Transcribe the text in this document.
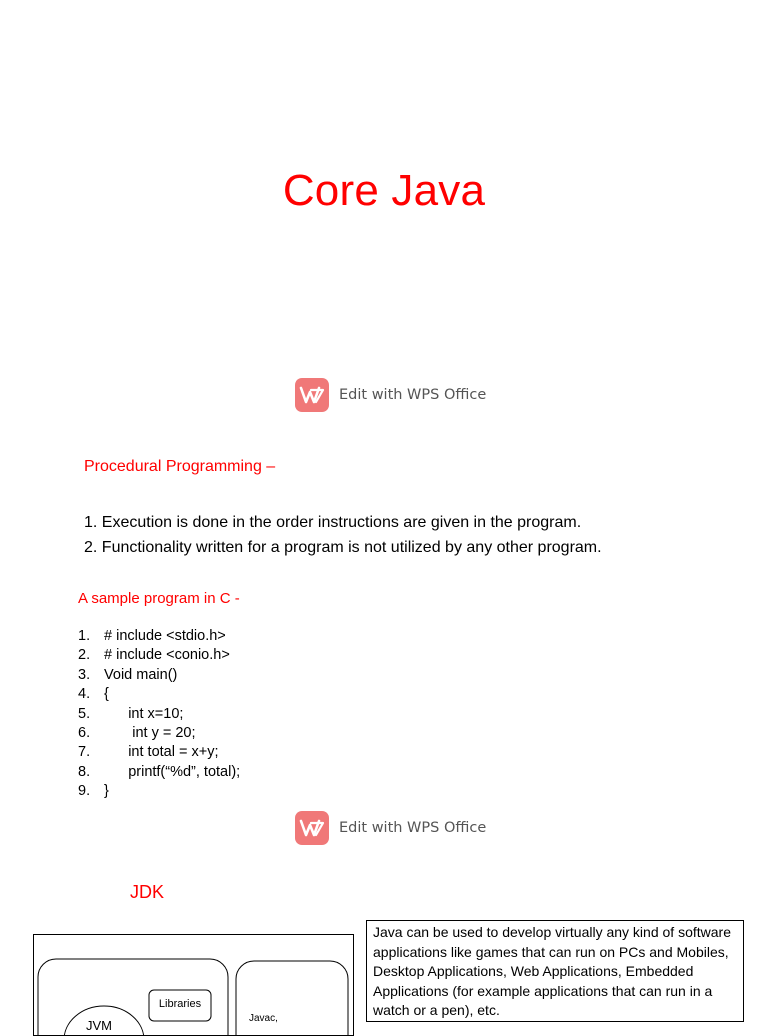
Core Java
Edit with WPS Office
Procedural Programming –
1. Execution is done in the order instructions are given in the program.
2. Functionality written for a program is not utilized by any other program.
A sample program in C -
1. # include <stdio.h>
2. # include <conio.h>
3. Void main()
4. {
5. int x=10;
6. int y = 20;
7. int total = x+y;
8. printf(“%d”, total);
9. }
Edit with WPS Office
JDK
Libraries
JVM	Javac,
Java can be used to develop virtually any kind of software applications like games that can run on PCs and Mobiles, Desktop Applications, Web Applications, Embedded Applications (for example applications that can run in a watch or a pen), etc.
